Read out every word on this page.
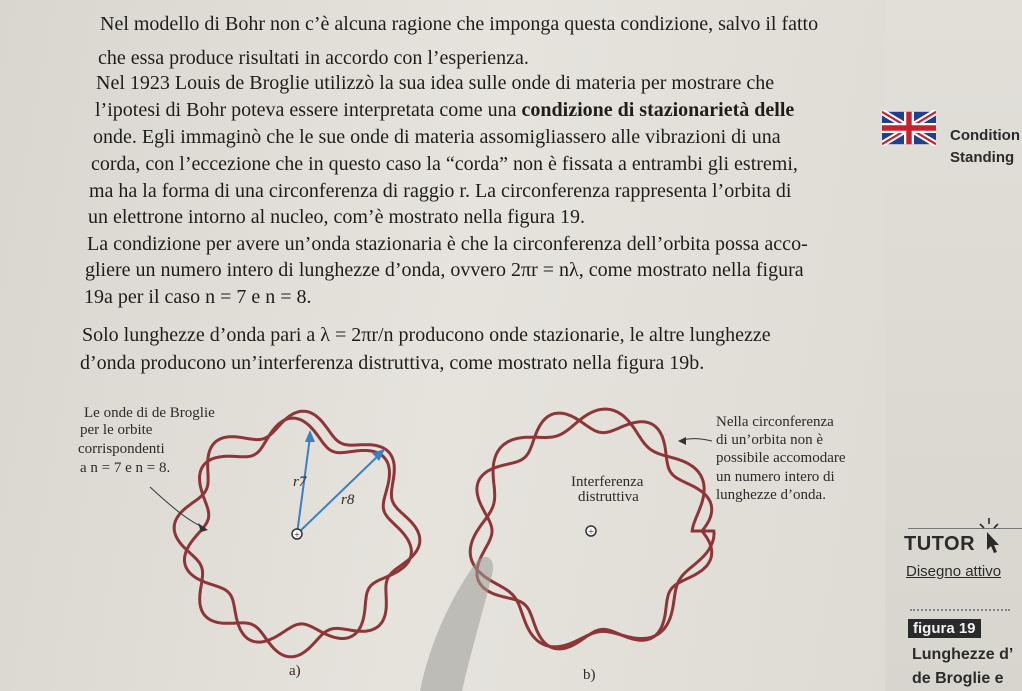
Nel modello di Bohr non c’è alcuna ragione che imponga questa condizione, salvo il fatto
che essa produce risultati in accordo con l’esperienza.
Nel 1923 Louis de Broglie utilizzò la sua idea sulle onde di materia per mostrare che
l’ipotesi di Bohr poteva essere interpretata come una condizione di stazionarietà delle
onde. Egli immaginò che le sue onde di materia assomigliassero alle vibrazioni di una
corda, con l’eccezione che in questo caso la “corda” non è fissata a entrambi gli estremi,
ma ha la forma di una circonferenza di raggio r. La circonferenza rappresenta l’orbita di
un elettrone intorno al nucleo, com’è mostrato nella figura 19.
La condizione per avere un’onda stazionaria è che la circonferenza dell’orbita possa acco-
gliere un numero intero di lunghezze d’onda, ovvero 2πr = nλ, come mostrato nella figura
19a per il caso n = 7 e n = 8.
Solo lunghezze d’onda pari a λ = 2πr/n producono onde stazionarie, le altre lunghezze
d’onda producono un’interferenza distruttiva, come mostrato nella figura 19b.
Condition
Standing
TUTOR
Disegno attivo
figura 19
Lunghezze d’
de Broglie e
+	+
Le onde di de Broglie
per le orbite
corrispondenti
a n = 7 e n = 8.
r7
r8
Nella circonferenza
di un’orbita non è
possibile accomodare
un numero intero di
lunghezze d’onda.
Interferenza
distruttiva
a)	b)
